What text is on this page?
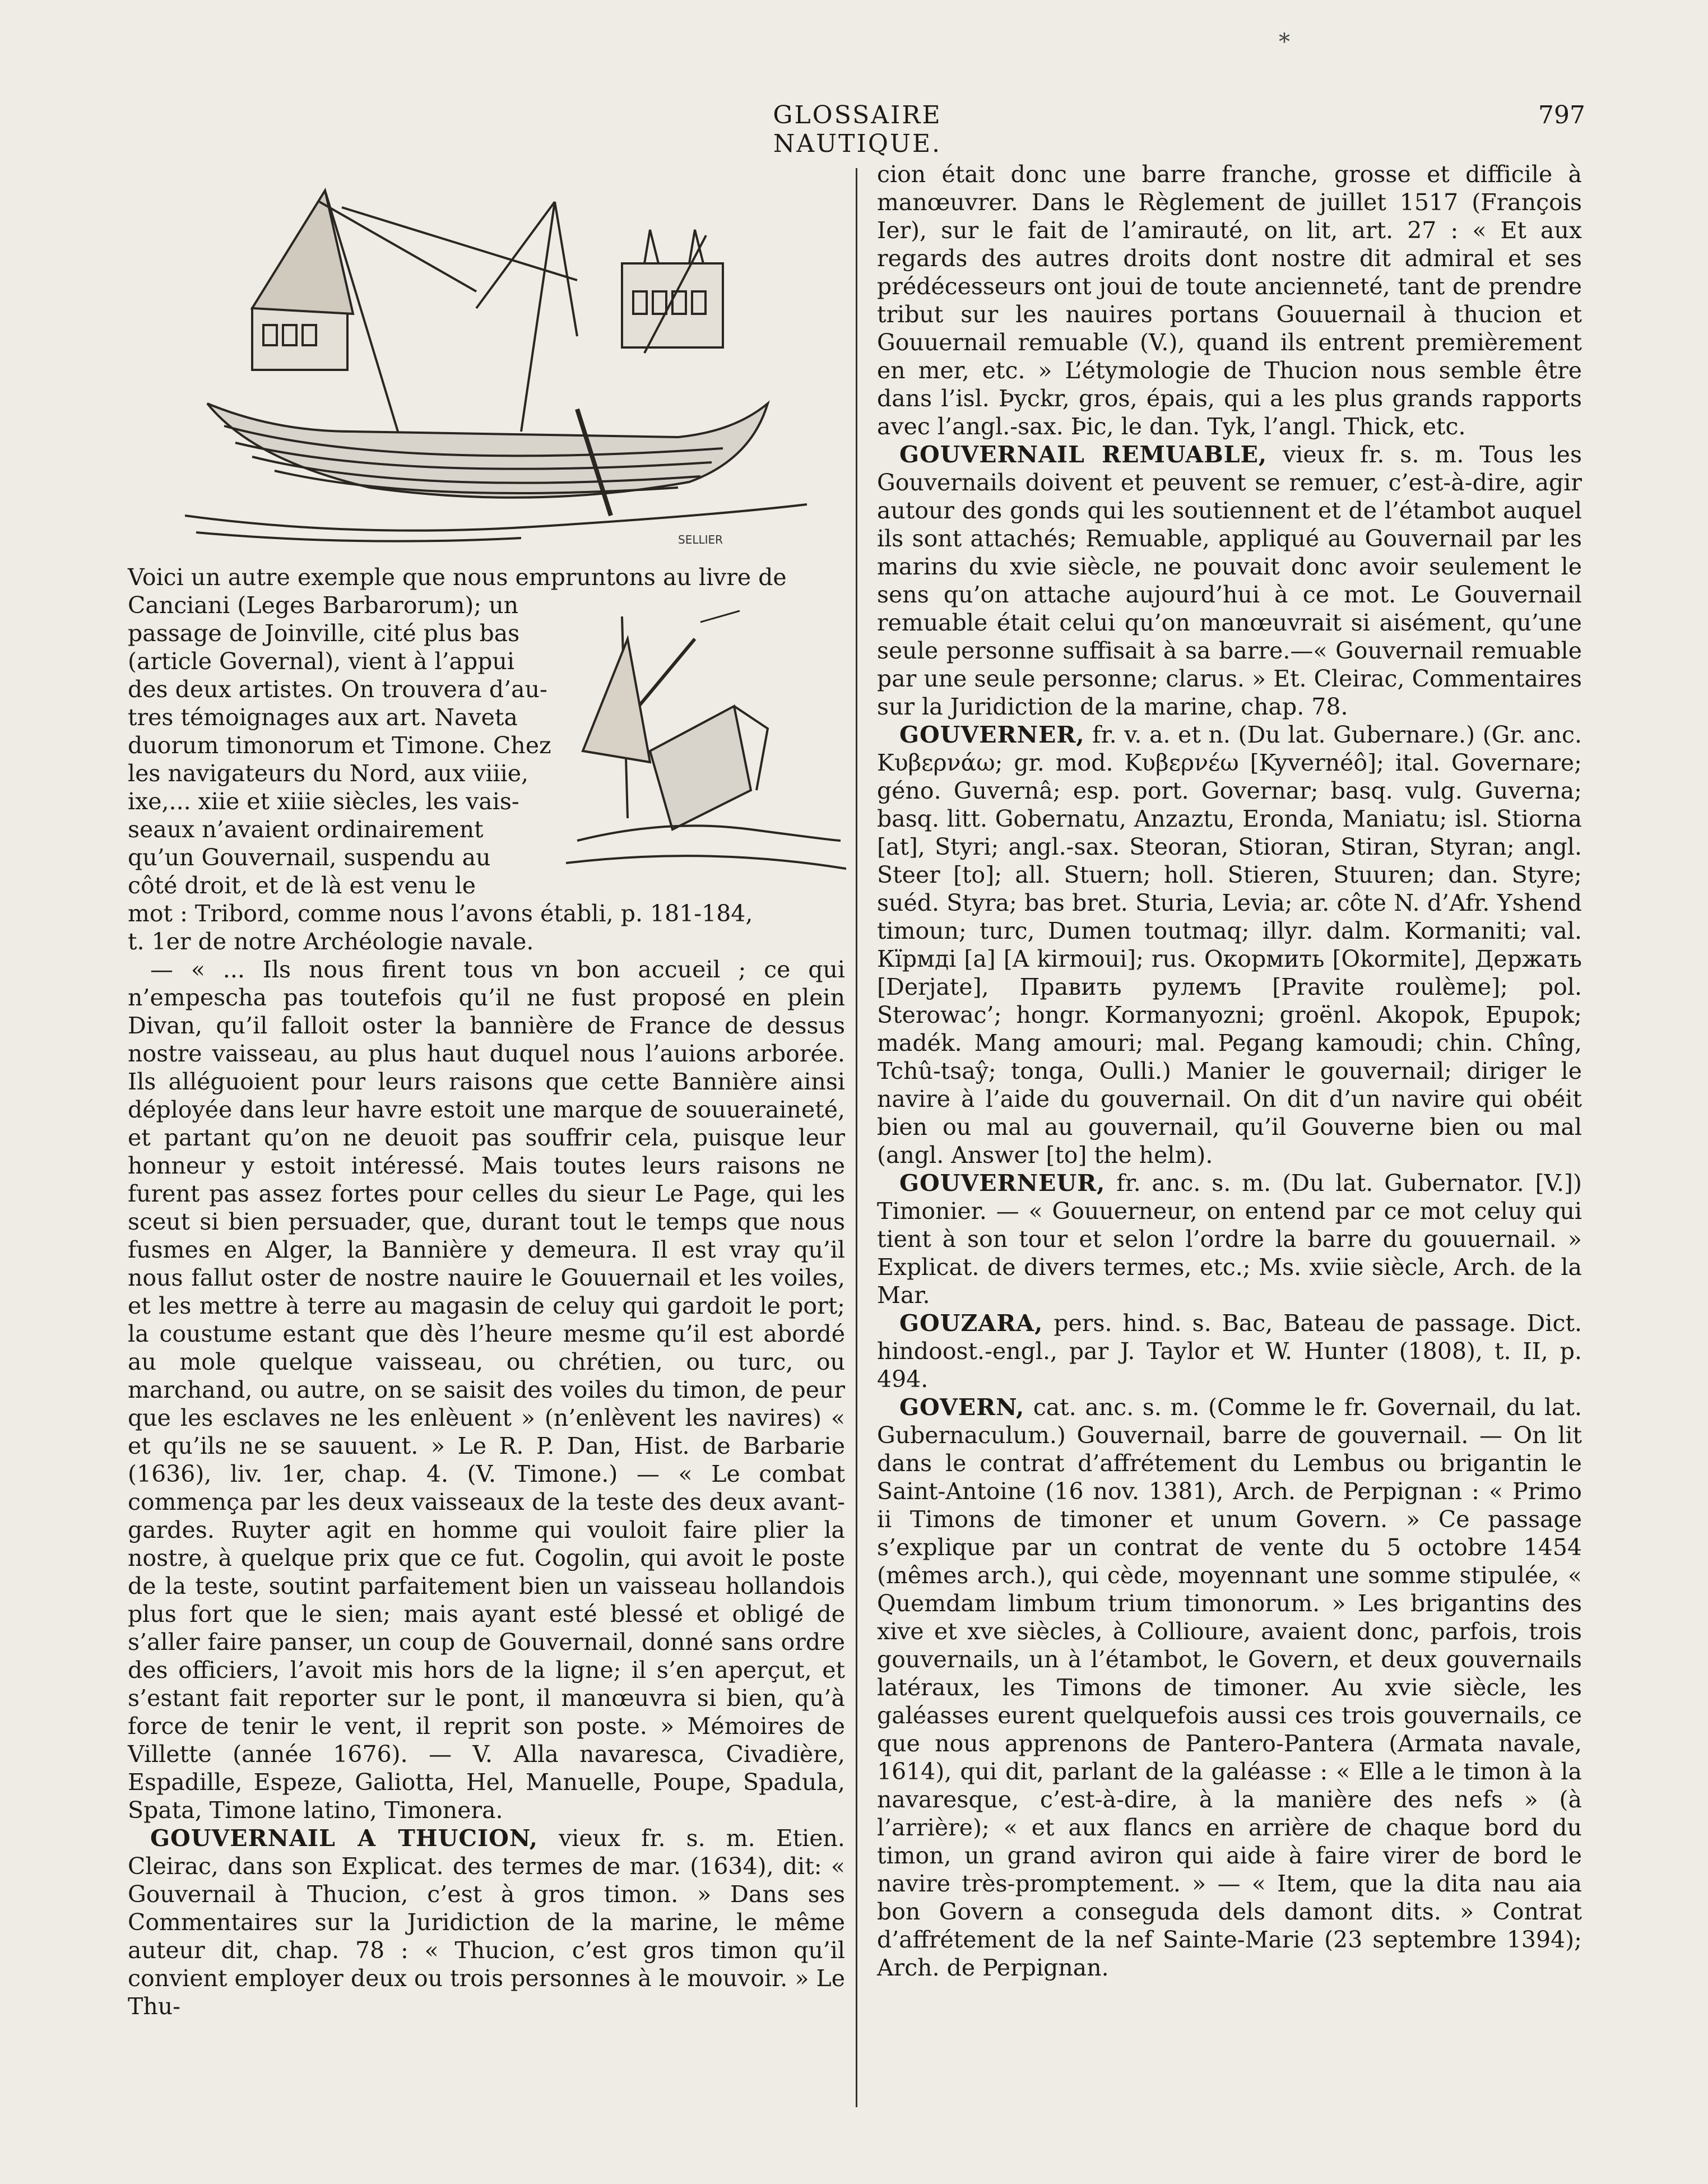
*
GLOSSAIRE NAUTIQUE.
797
SELLIER

Voici un autre exemple que nous empruntons au livre de

Canciani (Leges Barbarorum); un

passage de Joinville, cité plus bas

(article Governal), vient à l’appui

des deux artistes. On trouvera d’au-

tres témoignages aux art. Naveta

duorum timonorum et Timone. Chez

les navigateurs du Nord, aux viiie,

ixe,... xiie et xiiie siècles, les vais-

seaux n’avaient ordinairement

qu’un Gouvernail, suspendu au

côté droit, et de là est venu le

mot : Tribord, comme nous l’avons établi, p. 181-184,

t. 1er de notre Archéologie navale.

— « ... Ils nous firent tous vn bon accueil ; ce qui n’empescha pas toutefois qu’il ne fust proposé en plein Divan, qu’il falloit oster la bannière de France de dessus nostre vaisseau, au plus haut duquel nous l’auions arborée. Ils alléguoient pour leurs raisons que cette Bannière ainsi déployée dans leur havre estoit une marque de souueraineté, et partant qu’on ne deuoit pas souffrir cela, puisque leur honneur y estoit intéressé. Mais toutes leurs raisons ne furent pas assez fortes pour celles du sieur Le Page, qui les sceut si bien persuader, que, durant tout le temps que nous fusmes en Alger, la Bannière y demeura. Il est vray qu’il nous fallut oster de nostre nauire le Gouuernail et les voiles, et les mettre à terre au magasin de celuy qui gardoit le port; la coustume estant que dès l’heure mesme qu’il est abordé au mole quelque vaisseau, ou chrétien, ou turc, ou marchand, ou autre, on se saisit des voiles du timon, de peur que les esclaves ne les enlèuent » (n’enlèvent les navires) « et qu’ils ne se sauuent. » Le R. P. Dan, Hist. de Barbarie (1636), liv. 1er, chap. 4. (V. Timone.) — « Le combat commença par les deux vaisseaux de la teste des deux avant-gardes. Ruyter agit en homme qui vouloit faire plier la nostre, à quelque prix que ce fut. Cogolin, qui avoit le poste de la teste, soutint parfaitement bien un vaisseau hollandois plus fort que le sien; mais ayant esté blessé et obligé de s’aller faire panser, un coup de Gouvernail, donné sans ordre des officiers, l’avoit mis hors de la ligne; il s’en aperçut, et s’estant fait reporter sur le pont, il manœuvra si bien, qu’à force de tenir le vent, il reprit son poste. » Mémoires de Villette (année 1676). — V. Alla navaresca, Civadière, Espadille, Espeze, Galiotta, Hel, Manuelle, Poupe, Spadula, Spata, Timone latino, Timonera.

GOUVERNAIL A THUCION, vieux fr. s. m. Etien. Cleirac, dans son Explicat. des termes de mar. (1634), dit: « Gouvernail à Thucion, c’est à gros timon. » Dans ses Commentaires sur la Juridiction de la marine, le même auteur dit, chap. 78 : « Thucion, c’est gros timon qu’il convient employer deux ou trois personnes à le mouvoir. » Le Thu-

cion était donc une barre franche, grosse et difficile à manœuvrer. Dans le Règlement de juillet 1517 (François Ier), sur le fait de l’amirauté, on lit, art. 27 : « Et aux regards des autres droits dont nostre dit admiral et ses prédécesseurs ont joui de toute ancienneté, tant de prendre tribut sur les nauires portans Gouuernail à thucion et Gouuernail remuable (V.), quand ils entrent premièrement en mer, etc. » L’étymologie de Thucion nous semble être dans l’isl. Þyckr, gros, épais, qui a les plus grands rapports avec l’angl.-sax. Þic, le dan. Tyk, l’angl. Thick, etc.

GOUVERNAIL REMUABLE, vieux fr. s. m. Tous les Gouvernails doivent et peuvent se remuer, c’est-à-dire, agir autour des gonds qui les soutiennent et de l’étambot auquel ils sont attachés; Remuable, appliqué au Gouvernail par les marins du xvie siècle, ne pouvait donc avoir seulement le sens qu’on attache aujourd’hui à ce mot. Le Gouvernail remuable était celui qu’on manœuvrait si aisément, qu’une seule personne suffisait à sa barre.—« Gouvernail remuable par une seule personne; clarus. » Et. Cleirac, Commentaires sur la Juridiction de la marine, chap. 78.

GOUVERNER, fr. v. a. et n. (Du lat. Gubernare.) (Gr. anc. Κυβερνάω; gr. mod. Κυβερνέω [Kyvernéô]; ital. Governare; génо. Guvernâ; esp. port. Governar; basq. vulg. Guverna; basq. litt. Gobernatu, Anzaztu, Eronda, Maniatu; isl. Stiorna [at], Styri; angl.-sax. Steoran, Stioran, Stiran, Styran; angl. Steer [to]; all. Stuern; holl. Stieren, Stuuren; dan. Styre; suéd. Styra; bas bret. Sturia, Levia; ar. côte N. d’Afr. Yshend timoun; turc, Dumen toutmaq; illyr. dalm. Kormaniti; val. Кїрмді [a] [A kirmoui]; rus. Окормить [Okormite], Держать [Derjate], Править рулемъ [Pravite roulème]; pol. Sterowac’; hongr. Kormanyozni; groënl. Akopok, Epupok; madék. Mang amouri; mal. Pegang kamoudi; chin. Chîng, Tchû-tsaŷ; tonga, Oulli.) Manier le gouvernail; diriger le navire à l’aide du gouvernail. On dit d’un navire qui obéit bien ou mal au gouvernail, qu’il Gouverne bien ou mal (angl. Answer [to] the helm).

GOUVERNEUR, fr. anc. s. m. (Du lat. Gubernator. [V.]) Timonier. — « Gouuerneur, on entend par ce mot celuy qui tient à son tour et selon l’ordre la barre du gouuernail. » Explicat. de divers termes, etc.; Ms. xviie siècle, Arch. de la Mar.

GOUZARA, pers. hind. s. Bac, Bateau de passage. Dict. hindoost.-engl., par J. Taylor et W. Hunter (1808), t. II, p. 494.

GOVERN, cat. anc. s. m. (Comme le fr. Governail, du lat. Gubernaculum.) Gouvernail, barre de gouvernail. — On lit dans le contrat d’affrétement du Lembus ou brigantin le Saint-Antoine (16 nov. 1381), Arch. de Perpignan : « Primo ii Timons de timoner et unum Govern. » Ce passage s’explique par un contrat de vente du 5 octobre 1454 (mêmes arch.), qui cède, moyennant une somme stipulée, « Quemdam limbum trium timonorum. » Les brigantins des xive et xve siècles, à Collioure, avaient donc, parfois, trois gouvernails, un à l’étambot, le Govern, et deux gouvernails latéraux, les Timons de timoner. Au xvie siècle, les galéasses eurent quelquefois aussi ces trois gouvernails, ce que nous apprenons de Pantero-Pantera (Armata navale, 1614), qui dit, parlant de la galéasse : « Elle a le timon à la navaresque, c’est-à-dire, à la manière des nefs » (à l’arrière); « et aux flancs en arrière de chaque bord du timon, un grand aviron qui aide à faire virer de bord le navire très-promptement. » — « Item, que la dita nau aia bon Govern a conseguda dels damont dits. » Contrat d’affrétement de la nef Sainte-Marie (23 septembre 1394); Arch. de Perpignan.
